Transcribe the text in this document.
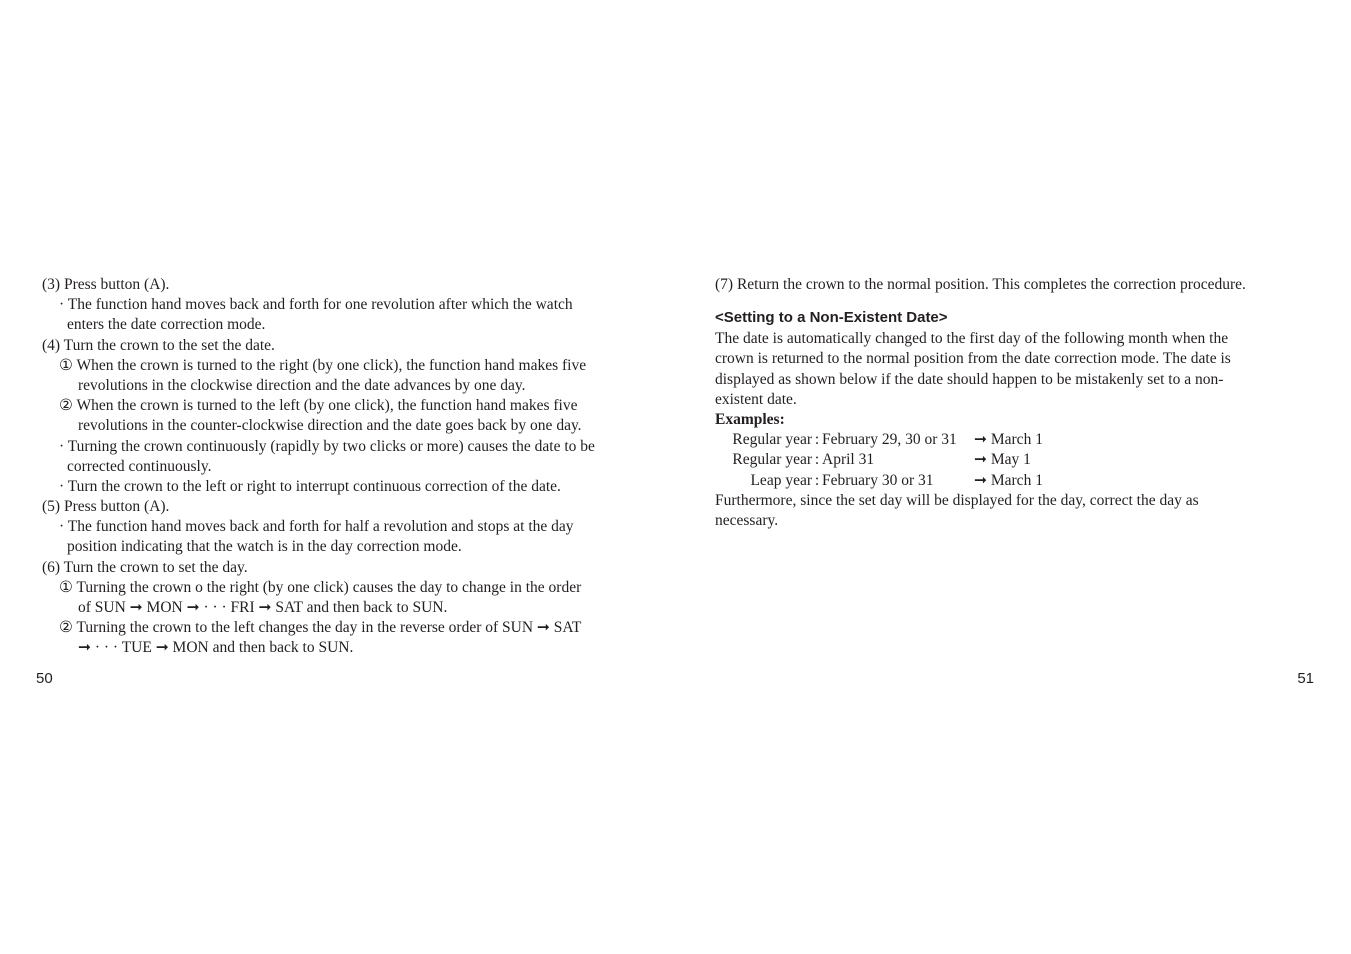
(3) Press button (A).
· The function hand moves back and forth for one revolution after which the watch
enters the date correction mode.
(4) Turn the crown to the set the date.
① When the crown is turned to the right (by one click), the function hand makes five
revolutions in the clockwise direction and the date advances by one day.
② When the crown is turned to the left (by one click), the function hand makes five
revolutions in the counter-clockwise direction and the date goes back by one day.
· Turning the crown continuously (rapidly by two clicks or more) causes the date to be
corrected continuously.
· Turn the crown to the left or right to interrupt continuous correction of the date.
(5) Press button (A).
· The function hand moves back and forth for half a revolution and stops at the day
position indicating that the watch is in the day correction mode.
(6) Turn the crown to set the day.
① Turning the crown o the right (by one click) causes the day to change in the order
of SUN ➞ MON ➞ · · · FRI ➞ SAT and then back to SUN.
② Turning the crown to the left changes the day in the reverse order of SUN ➞ SAT
➞ · · · TUE ➞ MON and then back to SUN.
50
(7) Return the crown to the normal position. This completes the correction procedure.
<Setting to a Non-Existent Date>
The date is automatically changed to the first day of the following month when the
crown is returned to the normal position from the date correction mode. The date is
displayed as shown below if the date should happen to be mistakenly set to a non-
existent date.
Examples:
Regular year	:	February 29, 30 or 31	➞ March 1
Regular year	:	April 31	➞ May 1
Leap year	:	February 30 or 31	➞ March 1
Furthermore, since the set day will be displayed for the day, correct the day as
necessary.
51
